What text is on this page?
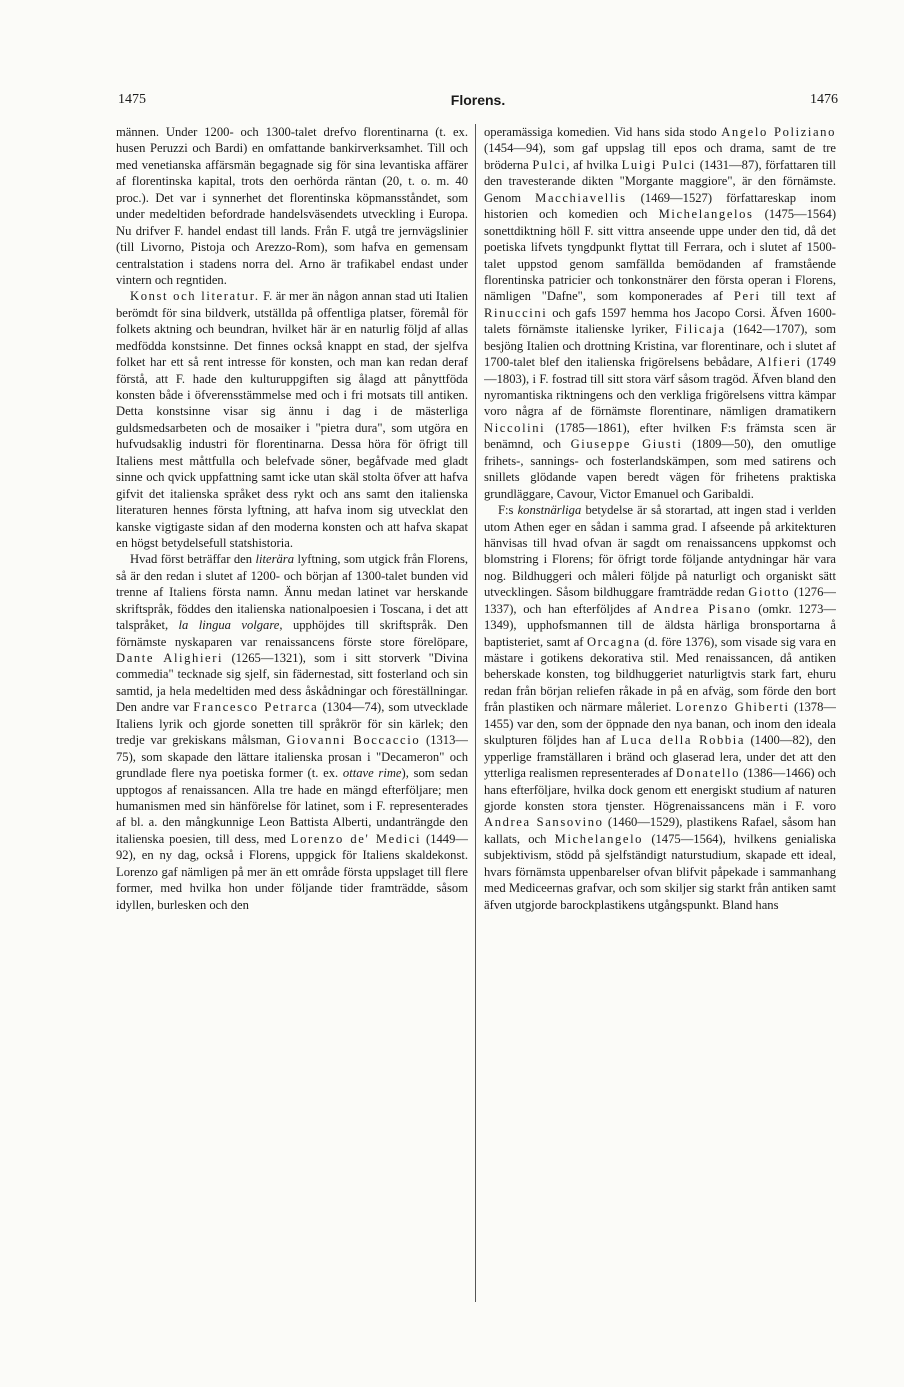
1475	Florens.	1476

männen. Under 1200- och 1300-talet drefvo florentinarna (t. ex. husen Peruzzi och Bardi) en omfattande bankirverksamhet. Till och med venetianska affärsmän begagnade sig för sina levantiska affärer af florentinska kapital, trots den oerhörda räntan (20, t. o. m. 40 proc.). Det var i synnerhet det florentinska köpmansståndet, som under medeltiden befordrade handelsväsendets utveckling i Europa. Nu drifver F. handel endast till lands. Från F. utgå tre jernvägslinier (till Livorno, Pistoja och Arezzo-Rom), som hafva en gemensam centralstation i stadens norra del. Arno är trafikabel endast under vintern och regntiden.

Konst och literatur. F. är mer än någon annan stad uti Italien berömdt för sina bildverk, utställda på offentliga platser, föremål för folkets aktning och beundran, hvilket här är en naturlig följd af allas medfödda konstsinne. Det finnes också knappt en stad, der sjelfva folket har ett så rent intresse för konsten, och man kan redan deraf förstå, att F. hade den kulturuppgiften sig ålagd att pånyttföda konsten både i öfverensstämmelse med och i fri motsats till antiken. Detta konstsinne visar sig ännu i dag i de mästerliga guldsmedsarbeten och de mosaiker i "pietra dura", som utgöra en hufvudsaklig industri för florentinarna. Dessa höra för öfrigt till Italiens mest måttfulla och belefvade söner, begåfvade med gladt sinne och qvick uppfattning samt icke utan skäl stolta öfver att hafva gifvit det italienska språket dess rykt och ans samt den italienska literaturen hennes första lyftning, att hafva inom sig utvecklat den kanske vigtigaste sidan af den moderna konsten och att hafva skapat en högst betydelsefull statshistoria.

Hvad först beträffar den literära lyftning, som utgick från Florens, så är den redan i slutet af 1200- och början af 1300-talet bunden vid trenne af Italiens första namn. Ännu medan latinet var herskande skriftspråk, föddes den italienska nationalpoesien i Toscana, i det att talspråket, la lingua volgare, upphöjdes till skriftspråk. Den förnämste nyskaparen var renaissancens förste store förelöpare, Dante Alighieri (1265—1321), som i sitt storverk "Divina commedia" tecknade sig sjelf, sin fädernestad, sitt fosterland och sin samtid, ja hela medeltiden med dess åskådningar och föreställningar. Den andre var Francesco Petrarca (1304—74), som utvecklade Italiens lyrik och gjorde sonetten till språkrör för sin kärlek; den tredje var grekiskans målsman, Giovanni Boccaccio (1313—75), som skapade den lättare italienska prosan i "Decameron" och grundlade flere nya poetiska former (t. ex. ottave rime), som sedan upptogos af renaissancen. Alla tre hade en mängd efterföljare; men humanismen med sin hänförelse för latinet, som i F. representerades af bl. a. den mångkunnige Leon Battista Alberti, undanträngde den italienska poesien, till dess, med Lorenzo de' Medici (1449—92), en ny dag, också i Florens, uppgick för Italiens skaldekonst. Lorenzo gaf nämligen på mer än ett område första uppslaget till flere former, med hvilka hon under följande tider framträdde, såsom idyllen, burlesken och den

operamässiga komedien. Vid hans sida stodo Angelo Poliziano (1454—94), som gaf uppslag till epos och drama, samt de tre bröderna Pulci, af hvilka Luigi Pulci (1431—87), författaren till den travesterande dikten "Morgante maggiore", är den förnämste. Genom Macchiavellis (1469—1527) författareskap inom historien och komedien och Michelangelos (1475—1564) sonettdiktning höll F. sitt vittra anseende uppe under den tid, då det poetiska lifvets tyngdpunkt flyttat till Ferrara, och i slutet af 1500-talet uppstod genom samfällda bemödanden af framstående florentinska patricier och tonkonstnärer den första operan i Florens, nämligen "Dafne", som komponerades af Peri till text af Rinuccini och gafs 1597 hemma hos Jacopo Corsi. Äfven 1600-talets förnämste italienske lyriker, Filicaja (1642—1707), som besjöng Italien och drottning Kristina, var florentinare, och i slutet af 1700-talet blef den italienska frigörelsens bebådare, Alfieri (1749—1803), i F. fostrad till sitt stora värf såsom tragöd. Äfven bland den nyromantiska riktningens och den verkliga frigörelsens vittra kämpar voro några af de förnämste florentinare, nämligen dramatikern Niccolini (1785—1861), efter hvilken F:s främsta scen är benämnd, och Giuseppe Giusti (1809—50), den omutlige frihets-, sannings- och fosterlandskämpen, som med satirens och snillets glödande vapen beredt vägen för frihetens praktiska grundläggare, Cavour, Victor Emanuel och Garibaldi.

F:s konstnärliga betydelse är så storartad, att ingen stad i verlden utom Athen eger en sådan i samma grad. I afseende på arkitekturen hänvisas till hvad ofvan är sagdt om renaissancens uppkomst och blomstring i Florens; för öfrigt torde följande antydningar här vara nog. Bildhuggeri och måleri följde på naturligt och organiskt sätt utvecklingen. Såsom bildhuggare framträdde redan Giotto (1276—1337), och han efterföljdes af Andrea Pisano (omkr. 1273—1349), upphofsmannen till de äldsta härliga bronsportarna å baptisteriet, samt af Orcagna (d. före 1376), som visade sig vara en mästare i gotikens dekorativa stil. Med renaissancen, då antiken beherskade konsten, tog bildhuggeriet naturligtvis stark fart, ehuru redan från början reliefen råkade in på en afväg, som förde den bort från plastiken och närmare måleriet. Lorenzo Ghiberti (1378—1455) var den, som der öppnade den nya banan, och inom den ideala skulpturen följdes han af Luca della Robbia (1400—82), den ypperlige framställaren i bränd och glaserad lera, under det att den ytterliga realismen representerades af Donatello (1386—1466) och hans efterföljare, hvilka dock genom ett energiskt studium af naturen gjorde konsten stora tjenster. Högrenaissancens män i F. voro Andrea Sansovino (1460—1529), plastikens Rafael, såsom han kallats, och Michelangelo (1475—1564), hvilkens genialiska subjektivism, stödd på sjelfständigt naturstudium, skapade ett ideal, hvars förnämsta uppenbarelser ofvan blifvit påpekade i sammanhang med Mediceernas grafvar, och som skiljer sig starkt från antiken samt äfven utgjorde barockplastikens utgångspunkt. Bland hans
